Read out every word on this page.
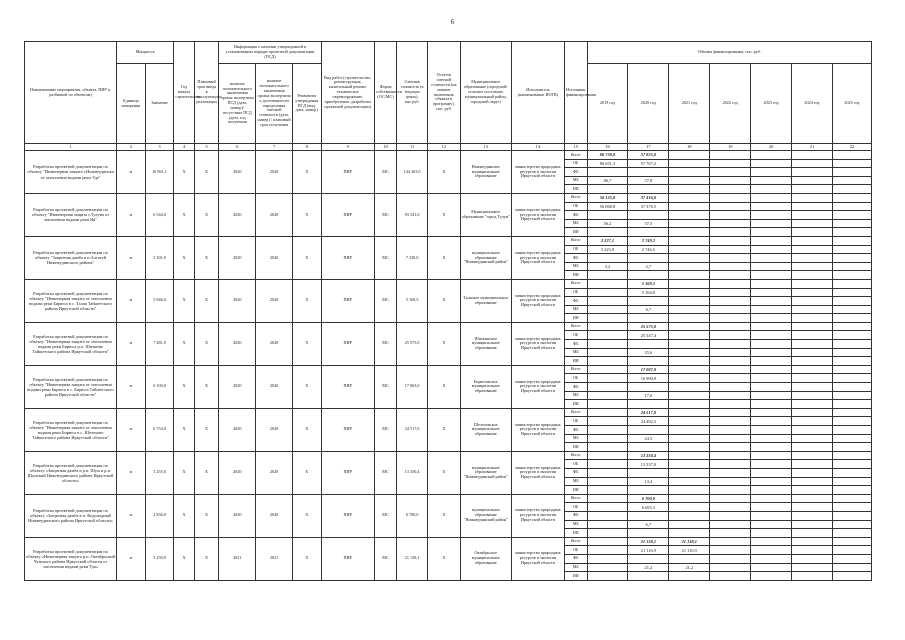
6
Наименование мероприятия, объекта, ПИР (с разбивкой по объектам)	Мощность		Год начала строительства	Плановый срок ввода в эксплуатацию/реализации	Информация о наличии утвержденной в установленном порядке проектной документации (ПСД)			Вид работ (строительство, реконструкция, капитальный ремонт, техническое перевооружение, приобретение, разработка проектной документации)	Форма собственности (ОС/МС)	Сметная стоимость (в текущих ценах), тыс.руб.	Остаток сметной стоимости (на момент включения объекта в программу), тыс. руб.	Муниципальное образование (городской/сельское поселение, муниципальный район, городской округ)	Исполнитель (наименование ИОГВ)	Источники финансирования	Объемы финансирования, тыс. руб.						
	Единица измерения	Значение			наличие положительного заключения органа экспертизы ПСД (дата, номер)/ отсутствие ПСД (дата, год получения	наличие положительного заключения органа экспертизы о достоверности определения сметной стоимости (дата, номер) / плановый срок получения	Реквизиты утверждения ПСД (вид, дата, номер)								2019 год	2020 год	2021 год	2022 год	2023 год	2024 год	2025 год
1	2	3	4	5	6	7	8	9	10	11	12	13	14	15	16	17	18	19	20	21	22
Разработка проектной документации по объекту "Инженерная защита г.Нижнеудинска от затопления водами реки Уда"	м	16 961,1	Х	Х	2020	2020	Х	ПИР	МС	144 263,0	Х	Нижнеудинское муниципальное образование	министерство природных ресурсов и экологии Иркутской области	Всего	86 738,0	57 825,0					
														ОБ	86 651,3	57 767,2					
														ФБ							
														МБ	86,7	57,8					
														ИИ							
Разработка проектной документации по объекту "Инженерная защита г.Тулуна от затопления водами реки Ия"	м	6 544,0	Х	Х	2020	2020	Х	ПИР	МС	93 541,0	Х	Муниципальное образование "город Тулун"	министерство природных ресурсов и экологии Иркутской области	Всего	56 125,0	37 416,0					
														ОБ	56 068,8	37 378,5					
														ФБ							
														МБ	56,2	37,5					
														ИИ							
Разработка проектной документации по объекту "Защитная дамба в п.Алгатуй Нижнеудинского района"	м	3 301,0	Х	Х	2020	2020	Х	ПИР	МС	7 230,0	Х	муниципальное образование "Нижнеудинский район"	министерство природных ресурсов и экологии Иркутской области	Всего	3 227,1	2 749,2					
														ОБ	3 223,9	2 746,5					
														ФБ							
														МБ	3,2	2,7					
														ИИ							
Разработка проектной документации по объекту "Инженерная защита от затопления водами реки Бирюса в с. Талая Тайшетского района Иркутской области"	м	5 946,0	Х	Х	2020	2020	Х	ПИР	МС	5 169,5	Х	Тальское муниципальное образование	министерство природных ресурсов и экологии Иркутской области	Всего		5 169,5					
														ОБ		5 164,8					
														ФБ							
														МБ		6,7					
														ИИ							
Разработка проектной документации по объекту "Инженерная защита от затопления водами реки Бирюса р.п. Шиткино Тайшетского района Иркутской области"	м	7 481,0	Х	Х	2020	2020	Х	ПИР	МС	25 575,0	Х	Шиткинское муниципальное образование	министерство природных ресурсов и экологии Иркутской области	Всего		25 575,0					
														ОБ		25 547,4					
														ФБ							
														МБ		25,6					
														ИИ							
Разработка проектной документации по объекту "Инженерная защита от затопления водами реки Бирюса в с. Бирюса Тайшетского района Иркутской области"	м	6 100,0	Х	Х	2020	2020	Х	ПИР	МС	17 063,0	Х	Бирюсинское муниципальное образование	министерство природных ресурсов и экологии Иркутской области	Всего		17 007,0					
														ОБ		16 990,0					
														ФБ							
														МБ		17,0					
														ИИ							
Разработка проектной документации по объекту "Инженерная защита от затопления водами реки Бирюса в с. Шелехово Тайшетского района Иркутской области"	м	6 754,0	Х	Х	2020	2020	Х	ПИР	МС	24 517,0	Х	Шелеховское муниципальное образование	министерство природных ресурсов и экологии Иркутской области	Всего		24 517,0					
														ОБ		24 492,5					
														ФБ							
														МБ		24,5					
														ИИ							
Разработка проектной документации по объекту «Защитная дамба в р.п. Шум и р.п. Шумский Нижнеудинского района Иркутской области»	м	5 255,0	Х	Х	2020	2020	Х	ПИР	МС	13 350,4	Х	муниципальное образование "Нижнеудинский район"	министерство природных ресурсов и экологии Иркутской области	Всего		13 350,4					
														ОБ		13 337,0					
														ФБ							
														МБ		13,4					
														ИИ							
Разработка проектной документации по объекту «Защитная дамба в п. Водопадный Нижнеудинского района Иркутской области»	м	2 836,0	Х	Х	2020	2020	Х	ПИР	МС	6 700,0	Х	муниципальное образование "Нижнеудинский район"	министерство природных ресурсов и экологии Иркутской области	Всего		6 700,0					
														ОБ		6 693,3					
														ФБ							
														МБ		6,7					
														ИИ							
Разработка проектной документации по объекту «Инженерная защита р.п. Октябрьский Чунского района Иркутской области от затопления водами реки Уда»	м	5 250,0	Х	Х	2021	2021	Х	ПИР	МС	21 138,1	Х	Октябрьское муниципальное образование	министерство природных ресурсов и экологии Иркутской области	Всего		21 138,1	21 138,1				
														ОБ		21 116,9	21 116,9				
														ФБ							
														МБ		21,2	21,2				
														ИИ							
